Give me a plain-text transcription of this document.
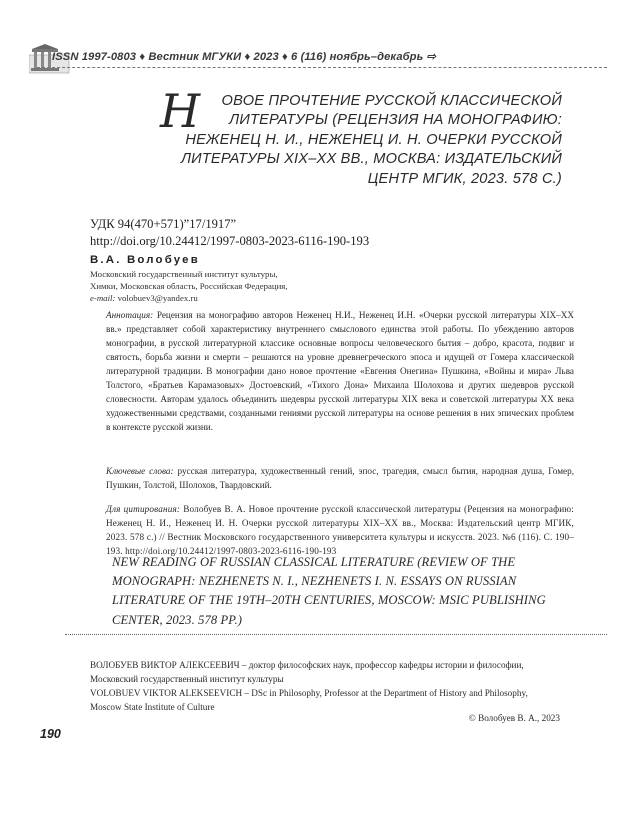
ISSN 1997-0803 ♦ Вестник МГУКИ ♦ 2023 ♦ 6 (116) ноябрь–декабрь ⇨
Н ОВОЕ ПРОЧТЕНИЕ РУССКОЙ КЛАССИЧЕСКОЙ ЛИТЕРАТУРЫ (РЕЦЕНЗИЯ НА МОНОГРАФИЮ: НЕЖЕНЕЦ Н. И., НЕЖЕНЕЦ И. Н. ОЧЕРКИ РУССКОЙ ЛИТЕРАТУРЫ XIX–XX ВВ., МОСКВА: ИЗДАТЕЛЬСКИЙ ЦЕНТР МГИК, 2023. 578 С.)
УДК 94(470+571)”17/1917”
http://doi.org/10.24412/1997-0803-2023-6116-190-193
В.А. Волобуев
Московский государственный институт культуры,
Химки, Московская область, Российская Федерация,
e-mail: volobuev3@yandex.ru
Аннотация: Рецензия на монографию авторов Неженец Н.И., Неженец И.Н. «Очерки русской литературы XIX–XX вв.» представляет собой характеристику внутреннего смыслового единства этой работы. По убеждению авторов монографии, в русской литературной классике основные вопросы человеческого бытия – добро, красота, подвиг и святость, борьба жизни и смерти – решаются на уровне древнегреческого эпоса и идущей от Гомера классической литературной традиции. В монографии дано новое прочтение «Евгения Онегина» Пушкина, «Войны и мира» Льва Толстого, «Братьев Карамазовых» Достоевский, «Тихого Дона» Михаила Шолохова и других шедевров русской словесности. Авторам удалось объединить шедевры русской литературы XIX века и советской литературы XX века художественными средствами, созданными гениями русской литературы на основе решения в них эпических проблем в контексте русской жизни.
Ключевые слова: русская литература, художественный гений, эпос, трагедия, смысл бытия, народная душа, Гомер, Пушкин, Толстой, Шолохов, Твардовский.
Для цитирования: Волобуев В. А. Новое прочтение русской классической литературы (Рецензия на монографию: Неженец Н. И., Неженец И. Н. Очерки русской литературы XIX–XX вв., Москва: Издательский центр МГИК, 2023. 578 с.) // Вестник Московского государственного университета культуры и искусств. 2023. №6 (116). С. 190–193. http://doi.org/10.24412/1997-0803-2023-6116-190-193
NEW READING OF RUSSIAN CLASSICAL LITERATURE (REVIEW OF THE MONOGRAPH: NEZHENETS N. I., NEZHENETS I. N. ESSAYS ON RUSSIAN LITERATURE OF THE 19TH–20TH CENTURIES, MOSCOW: MSIC PUBLISHING CENTER, 2023. 578 PP.)
ВОЛОБУЕВ ВИКТОР АЛЕКСЕЕВИЧ – доктор философских наук, профессор кафедры истории и философии, Московский государственный институт культуры
VOLOBUEV VIKTOR ALEKSEEVICH – DSc in Philosophy, Professor at the Department of History and Philosophy, Moscow State Institute of Culture
© Волобуев В. А., 2023
190
